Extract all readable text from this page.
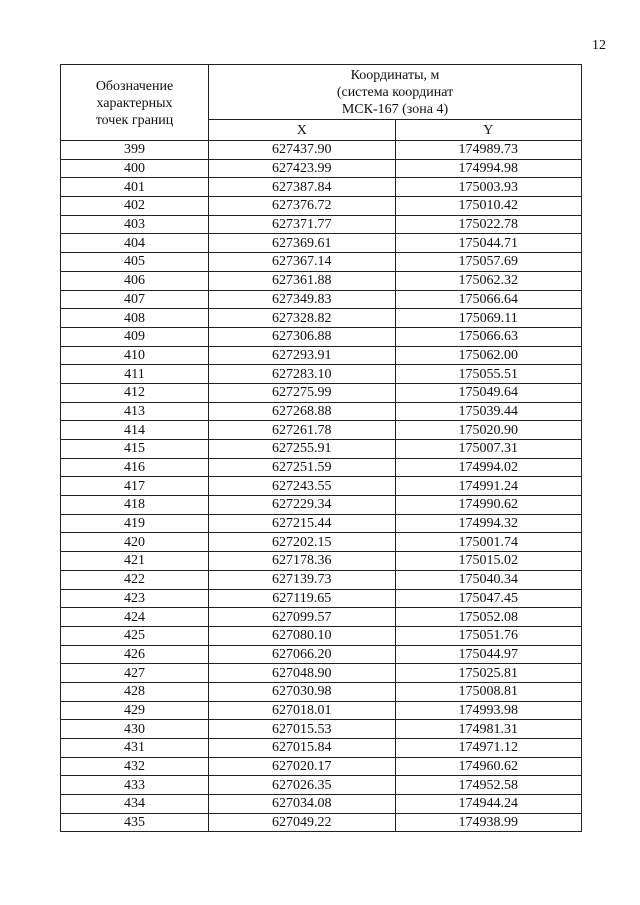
12
Обозначение
характерных
точек границ	Координаты, м
(система координат
МСК-167 (зона 4)	

	X	Y
399	627437.90	174989.73
400	627423.99	174994.98
401	627387.84	175003.93
402	627376.72	175010.42
403	627371.77	175022.78
404	627369.61	175044.71
405	627367.14	175057.69
406	627361.88	175062.32
407	627349.83	175066.64
408	627328.82	175069.11
409	627306.88	175066.63
410	627293.91	175062.00
411	627283.10	175055.51
412	627275.99	175049.64
413	627268.88	175039.44
414	627261.78	175020.90
415	627255.91	175007.31
416	627251.59	174994.02
417	627243.55	174991.24
418	627229.34	174990.62
419	627215.44	174994.32
420	627202.15	175001.74
421	627178.36	175015.02
422	627139.73	175040.34
423	627119.65	175047.45
424	627099.57	175052.08
425	627080.10	175051.76
426	627066.20	175044.97
427	627048.90	175025.81
428	627030.98	175008.81
429	627018.01	174993.98
430	627015.53	174981.31
431	627015.84	174971.12
432	627020.17	174960.62
433	627026.35	174952.58
434	627034.08	174944.24
435	627049.22	174938.99
